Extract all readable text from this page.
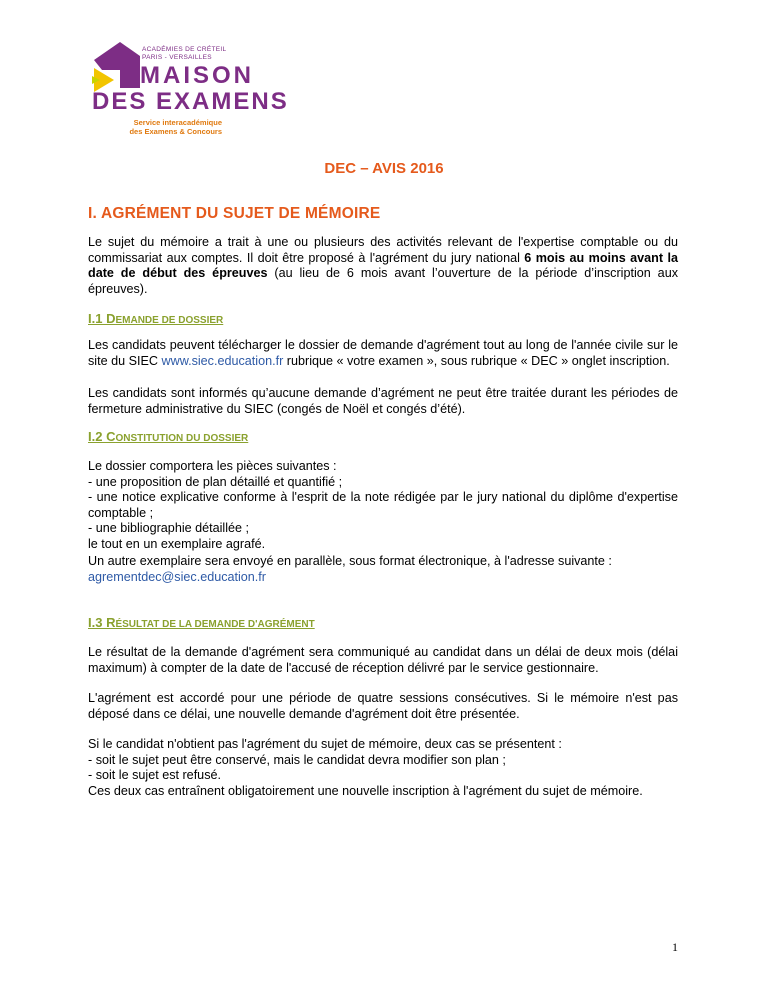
ACADÉMIES DE CRÉTEIL
PARIS - VERSAILLES
MAISON
DES EXAMENS
Service interacadémique
des Examens & Concours
DEC – AVIS 2016
I. AGRÉMENT DU SUJET DE MÉMOIRE
Le sujet du mémoire a trait à une ou plusieurs des activités relevant de l'expertise comptable ou du commissariat aux comptes. Il doit être proposé à l'agrément du jury national 6 mois au moins avant la date de début des épreuves (au lieu de 6 mois avant l’ouverture de la période d’inscription aux épreuves).
I.1 DEMANDE DE DOSSIER
Les candidats peuvent télécharger le dossier de demande d'agrément tout au long de l'année civile sur le site du SIEC www.siec.education.fr rubrique « votre examen », sous rubrique « DEC » onglet inscription.
Les candidats sont informés qu’aucune demande d’agrément ne peut être traitée durant les périodes de fermeture administrative du SIEC (congés de Noël et congés d’été).
I.2 CONSTITUTION DU DOSSIER
Le dossier comportera les pièces suivantes :
- une proposition de plan détaillé et quantifié ;
- une notice explicative conforme à l'esprit de la note rédigée par le jury national du diplôme d'expertise comptable ;
- une bibliographie détaillée ;
le tout en un exemplaire agrafé.
Un autre exemplaire sera envoyé en parallèle, sous format électronique, à l'adresse suivante :
agrementdec@siec.education.fr
I.3 RÉSULTAT DE LA DEMANDE D'AGRÉMENT
Le résultat de la demande d'agrément sera communiqué au candidat dans un délai de deux mois (délai maximum) à compter de la date de l'accusé de réception délivré par le service gestionnaire.
L'agrément est accordé pour une période de quatre sessions consécutives. Si le mémoire n'est pas déposé dans ce délai, une nouvelle demande d'agrément doit être présentée.
Si le candidat n'obtient pas l'agrément du sujet de mémoire, deux cas se présentent :
- soit le sujet peut être conservé, mais le candidat devra modifier son plan ;
- soit le sujet est refusé.
Ces deux cas entraînent obligatoirement une nouvelle inscription à l'agrément du sujet de mémoire.
1
